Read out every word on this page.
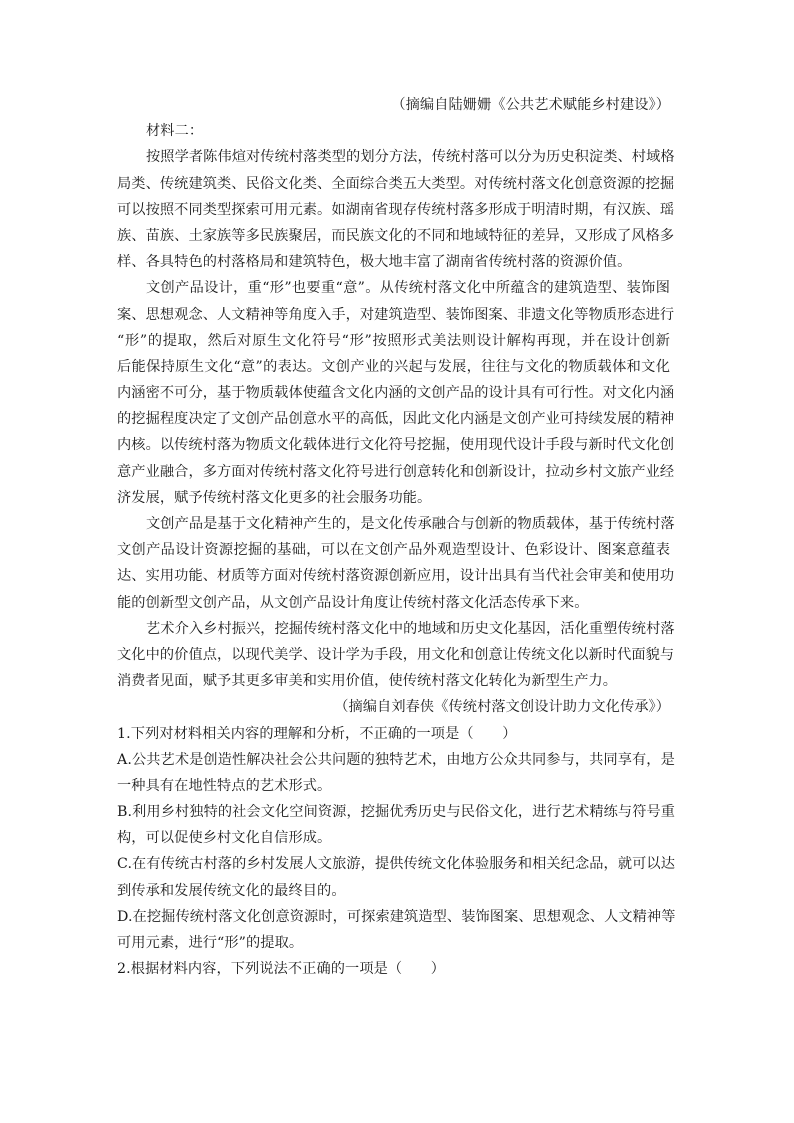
（摘编自陆姗姗《公共艺术赋能乡村建设》）
材料二：
按照学者陈伟煊对传统村落类型的划分方法，传统村落可以分为历史积淀类、村域格
局类、传统建筑类、民俗文化类、全面综合类五大类型。对传统村落文化创意资源的挖掘
可以按照不同类型探索可用元素。如湖南省现存传统村落多形成于明清时期，有汉族、瑶
族、苗族、土家族等多民族聚居，而民族文化的不同和地域特征的差异，又形成了风格多
样、各具特色的村落格局和建筑特色，极大地丰富了湖南省传统村落的资源价值。
文创产品设计，重“形”也要重“意”。从传统村落文化中所蕴含的建筑造型、装饰图
案、思想观念、人文精神等角度入手，对建筑造型、装饰图案、非遗文化等物质形态进行
“形”的提取，然后对原生文化符号“形”按照形式美法则设计解构再现，并在设计创新
后能保持原生文化“意”的表达。文创产业的兴起与发展，往往与文化的物质载体和文化
内涵密不可分，基于物质载体使蕴含文化内涵的文创产品的设计具有可行性。对文化内涵
的挖掘程度决定了文创产品创意水平的高低，因此文化内涵是文创产业可持续发展的精神
内核。以传统村落为物质文化载体进行文化符号挖掘，使用现代设计手段与新时代文化创
意产业融合，多方面对传统村落文化符号进行创意转化和创新设计，拉动乡村文旅产业经
济发展，赋予传统村落文化更多的社会服务功能。
文创产品是基于文化精神产生的，是文化传承融合与创新的物质载体，基于传统村落
文创产品设计资源挖掘的基础，可以在文创产品外观造型设计、色彩设计、图案意蕴表
达、实用功能、材质等方面对传统村落资源创新应用，设计出具有当代社会审美和使用功
能的创新型文创产品，从文创产品设计角度让传统村落文化活态传承下来。
艺术介入乡村振兴，挖掘传统村落文化中的地域和历史文化基因，活化重塑传统村落
文化中的价值点，以现代美学、设计学为手段，用文化和创意让传统文化以新时代面貌与
消费者见面，赋予其更多审美和实用价值，使传统村落文化转化为新型生产力。
（摘编自刘春侠《传统村落文创设计助力文化传承》）
1.下列对材料相关内容的理解和分析，不正确的一项是（　　）
A.公共艺术是创造性解决社会公共问题的独特艺术，由地方公众共同参与，共同享有，是
一种具有在地性特点的艺术形式。
B.利用乡村独特的社会文化空间资源，挖掘优秀历史与民俗文化，进行艺术精练与符号重
构，可以促使乡村文化自信形成。
C.在有传统古村落的乡村发展人文旅游，提供传统文化体验服务和相关纪念品，就可以达
到传承和发展传统文化的最终目的。
D.在挖掘传统村落文化创意资源时，可探索建筑造型、装饰图案、思想观念、人文精神等
可用元素，进行“形”的提取。
2.根据材料内容，下列说法不正确的一项是（　　）
